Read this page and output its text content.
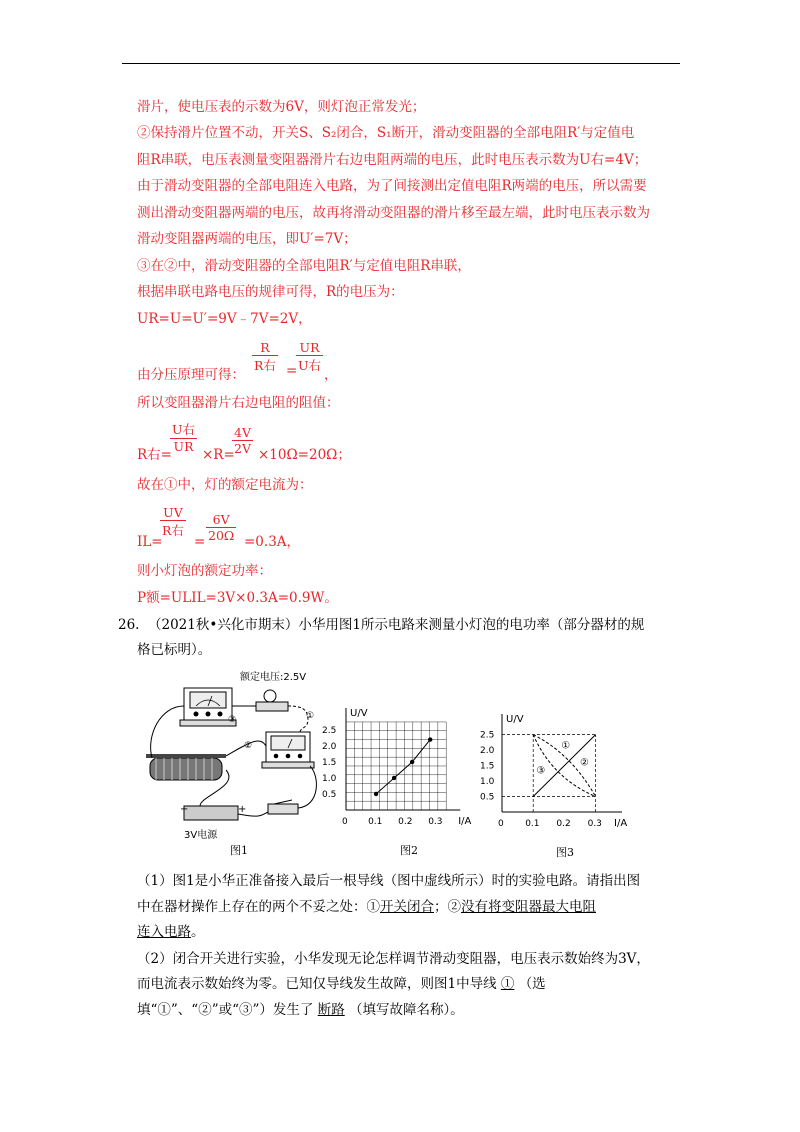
滑片，使电压表的示数为6V，则灯泡正常发光；
②保持滑片位置不动，开关S、S₂闭合，S₁断开，滑动变阻器的全部电阻R′与定值电
阻R串联，电压表测量变阻器滑片右边电阻两端的电压，此时电压表示数为U右=4V；
由于滑动变阻器的全部电阻连入电路，为了间接测出定值电阻R两端的电压，所以需要
测出滑动变阻器两端的电压，故再将滑动变阻器的滑片移至最左端，此时电压表示数为
滑动变阻器两端的电压，即U′=7V；
③在②中，滑动变阻器的全部电阻R′与定值电阻R串联，
根据串联电路电压的规律可得，R的电压为：
UR=U=U′=9V﹣7V=2V，
由分压原理可得：
R
R右 =
UR
U右
，
所以变阻器滑片右边电阻的阻值：
R右=
U右
UR
×R=
$\frac{4V}{2V} \times 10\Omega=20\Omega$；
故在①中，灯的额定电流为：
IL=
UV
R右
= $\frac{6V}{20\Omega} =0.3A$，
则小灯泡的额定功率：
P额=ULIL=3V×0.3A=0.9W。
26. （2021秋•兴化市期末）小华用图1所示电路来测量小灯泡的电功率（部分器材的规
格已标明）。
额定电压:2.5V
−	+
3V电源
③
②
①
图1
I/A
U/V
0 0.1 0.2 0.3
0.5
1.0
1.5
2.0
2.5
图2
I/A
U/V
0 0.1 0.2 0.3
0.5
1.0
1.5
2.0
2.5
①
②
③
图3
（1）图1是小华正准备接入最后一根导线（图中虚线所示）时的实验电路。请指出图
中在器材操作上存在的两个不妥之处：①开关闭合；②没有将变阻器最大电阻
连入电路。
（2）闭合开关进行实验，小华发现无论怎样调节滑动变阻器，电压表示数始终为3V，
而电流表示数始终为零。已知仅导线发生故障，则图1中导线 ① （选
填“①”、“②”或“③”）发生了 断路 （填写故障名称）。
